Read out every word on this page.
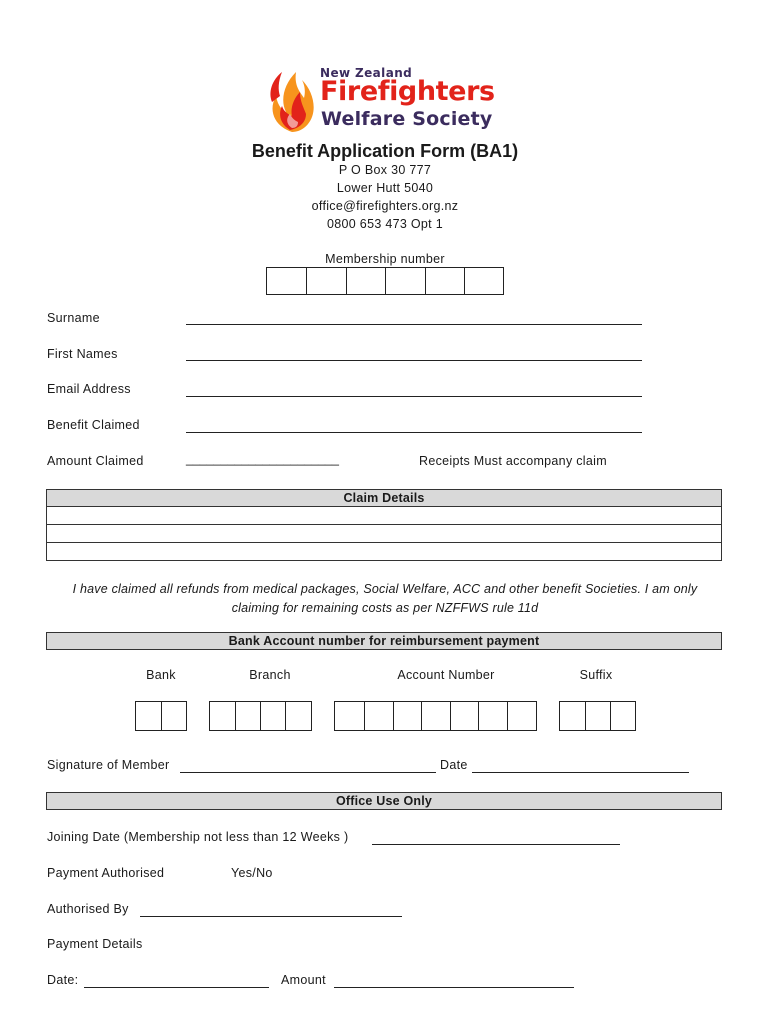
New Zealand
Firefighters
Welfare Society
Benefit Application Form (BA1)
P O Box 30 777
Lower Hutt 5040
office@firefighters.org.nz
0800 653 473 Opt 1
Membership number
Surname
First Names
Email Address
Benefit Claimed
Amount Claimed	______________________	Receipts Must accompany claim
Claim Details
I have claimed all refunds from medical packages, Social Welfare, ACC and other benefit Societies. I am only
claiming for remaining costs as per NZFFWS rule 11d
Bank Account number for reimbursement payment
Bank	Branch	Account Number	Suffix
Signature of Member	Date
Office Use Only
Joining Date (Membership not less than 12 Weeks )
Payment Authorised	Yes/No
Authorised By
Payment Details
Date:	Amount
